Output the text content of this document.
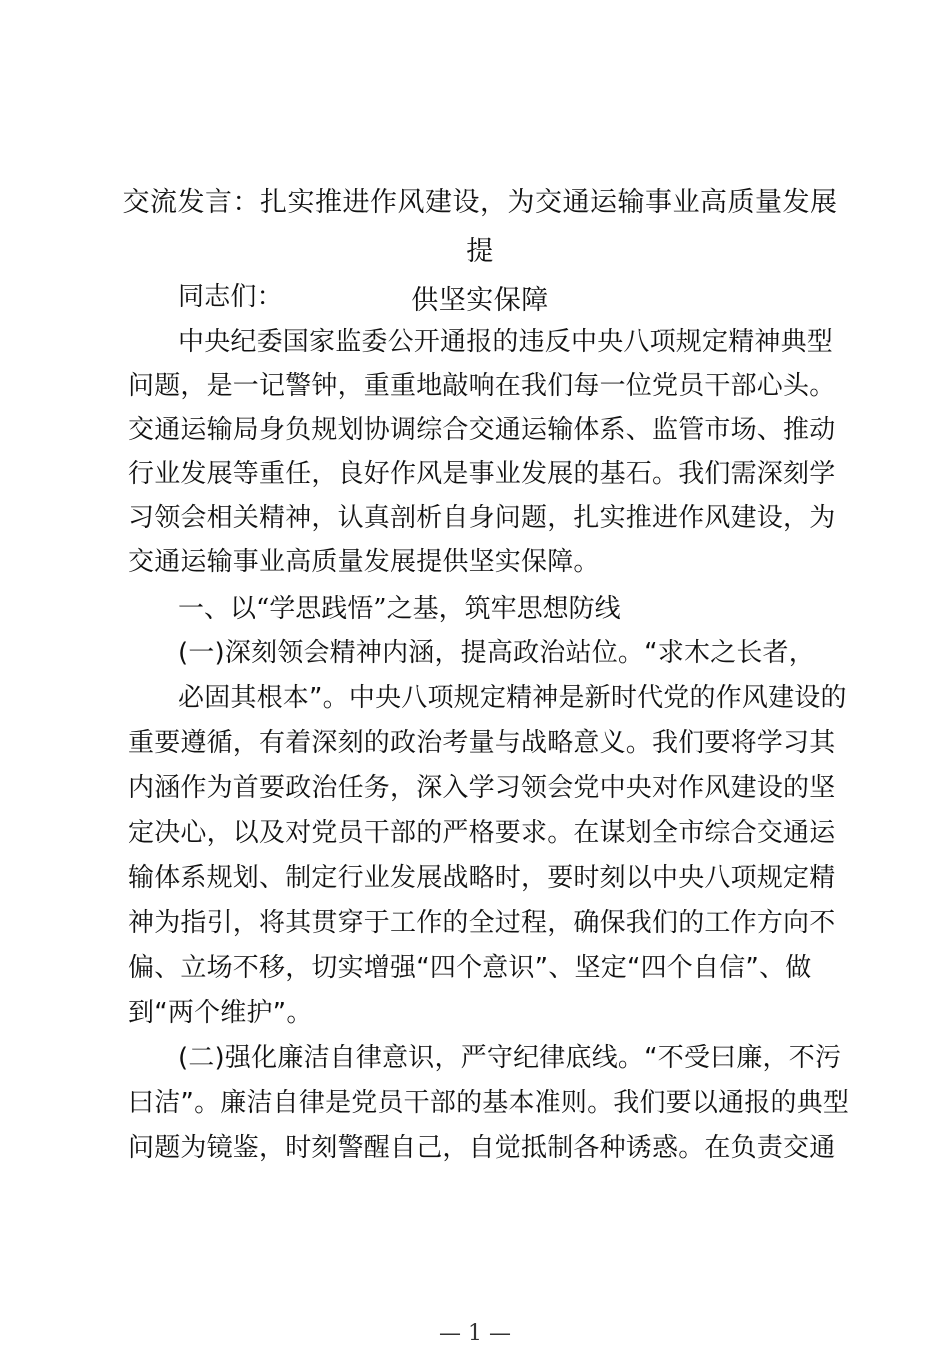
交流发言：扎实推进作风建设，为交通运输事业高质量发展提
供坚实保障
同志们：
中央纪委国家监委公开通报的违反中央八项规定精神典型
问题，是一记警钟，重重地敲响在我们每一位党员干部心头。
交通运输局身负规划协调综合交通运输体系、监管市场、推动
行业发展等重任，良好作风是事业发展的基石。我们需深刻学
习领会相关精神，认真剖析自身问题，扎实推进作风建设，为
交通运输事业高质量发展提供坚实保障。
一、以“学思践悟”之基，筑牢思想防线
(一)深刻领会精神内涵，提高政治站位。“求木之长者，
必固其根本”。中央八项规定精神是新时代党的作风建设的
重要遵循，有着深刻的政治考量与战略意义。我们要将学习其
内涵作为首要政治任务，深入学习领会党中央对作风建设的坚
定决心，以及对党员干部的严格要求。在谋划全市综合交通运
输体系规划、制定行业发展战略时，要时刻以中央八项规定精
神为指引，将其贯穿于工作的全过程，确保我们的工作方向不
偏、立场不移，切实增强“四个意识”、坚定“四个自信”、做
到“两个维护”。
(二)强化廉洁自律意识，严守纪律底线。“不受曰廉，不污
曰洁”。廉洁自律是党员干部的基本准则。我们要以通报的典型
问题为镜鉴，时刻警醒自己，自觉抵制各种诱惑。在负责交通
— 1 —
